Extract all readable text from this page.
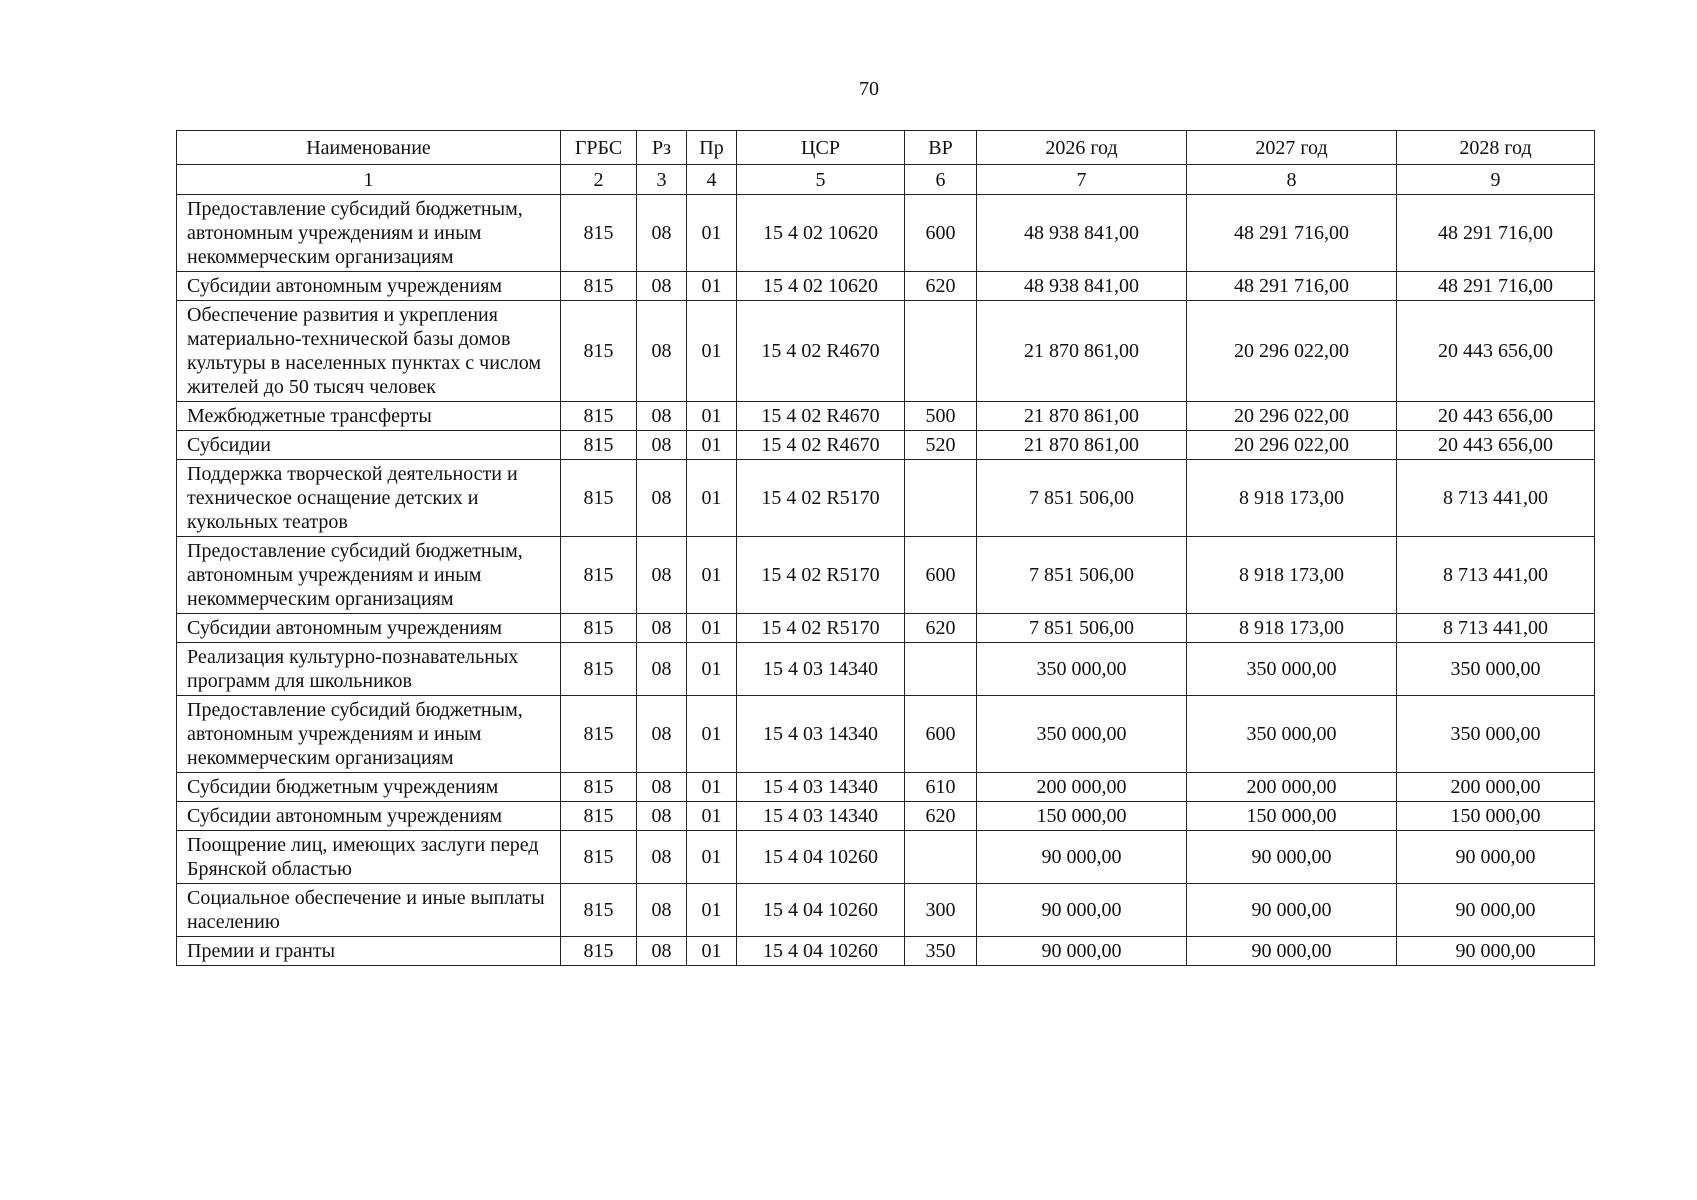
70
Наименование	ГРБС	Рз	Пр	ЦСР	ВР	2026 год	2027 год	2028 год
1	2	3	4	5	6	7	8	9
Предоставление субсидий бюджетным, автономным учреждениям и иным некоммерческим организациям	815	08	01	15 4 02 10620	600	48 938 841,00	48 291 716,00	48 291 716,00
Субсидии автономным учреждениям	815	08	01	15 4 02 10620	620	48 938 841,00	48 291 716,00	48 291 716,00
Обеспечение развития и укрепления материально-технической базы домов культуры в населенных пунктах с числом жителей до 50 тысяч человек	815	08	01	15 4 02 R4670		21 870 861,00	20 296 022,00	20 443 656,00
Межбюджетные трансферты	815	08	01	15 4 02 R4670	500	21 870 861,00	20 296 022,00	20 443 656,00
Субсидии	815	08	01	15 4 02 R4670	520	21 870 861,00	20 296 022,00	20 443 656,00
Поддержка творческой деятельности и техническое оснащение детских и кукольных театров	815	08	01	15 4 02 R5170		7 851 506,00	8 918 173,00	8 713 441,00
Предоставление субсидий бюджетным, автономным учреждениям и иным некоммерческим организациям	815	08	01	15 4 02 R5170	600	7 851 506,00	8 918 173,00	8 713 441,00
Субсидии автономным учреждениям	815	08	01	15 4 02 R5170	620	7 851 506,00	8 918 173,00	8 713 441,00
Реализация культурно-познавательных программ для школьников	815	08	01	15 4 03 14340		350 000,00	350 000,00	350 000,00
Предоставление субсидий бюджетным, автономным учреждениям и иным некоммерческим организациям	815	08	01	15 4 03 14340	600	350 000,00	350 000,00	350 000,00
Субсидии бюджетным учреждениям	815	08	01	15 4 03 14340	610	200 000,00	200 000,00	200 000,00
Субсидии автономным учреждениям	815	08	01	15 4 03 14340	620	150 000,00	150 000,00	150 000,00
Поощрение лиц, имеющих заслуги перед Брянской областью	815	08	01	15 4 04 10260		90 000,00	90 000,00	90 000,00
Социальное обеспечение и иные выплаты населению	815	08	01	15 4 04 10260	300	90 000,00	90 000,00	90 000,00
Премии и гранты	815	08	01	15 4 04 10260	350	90 000,00	90 000,00	90 000,00
